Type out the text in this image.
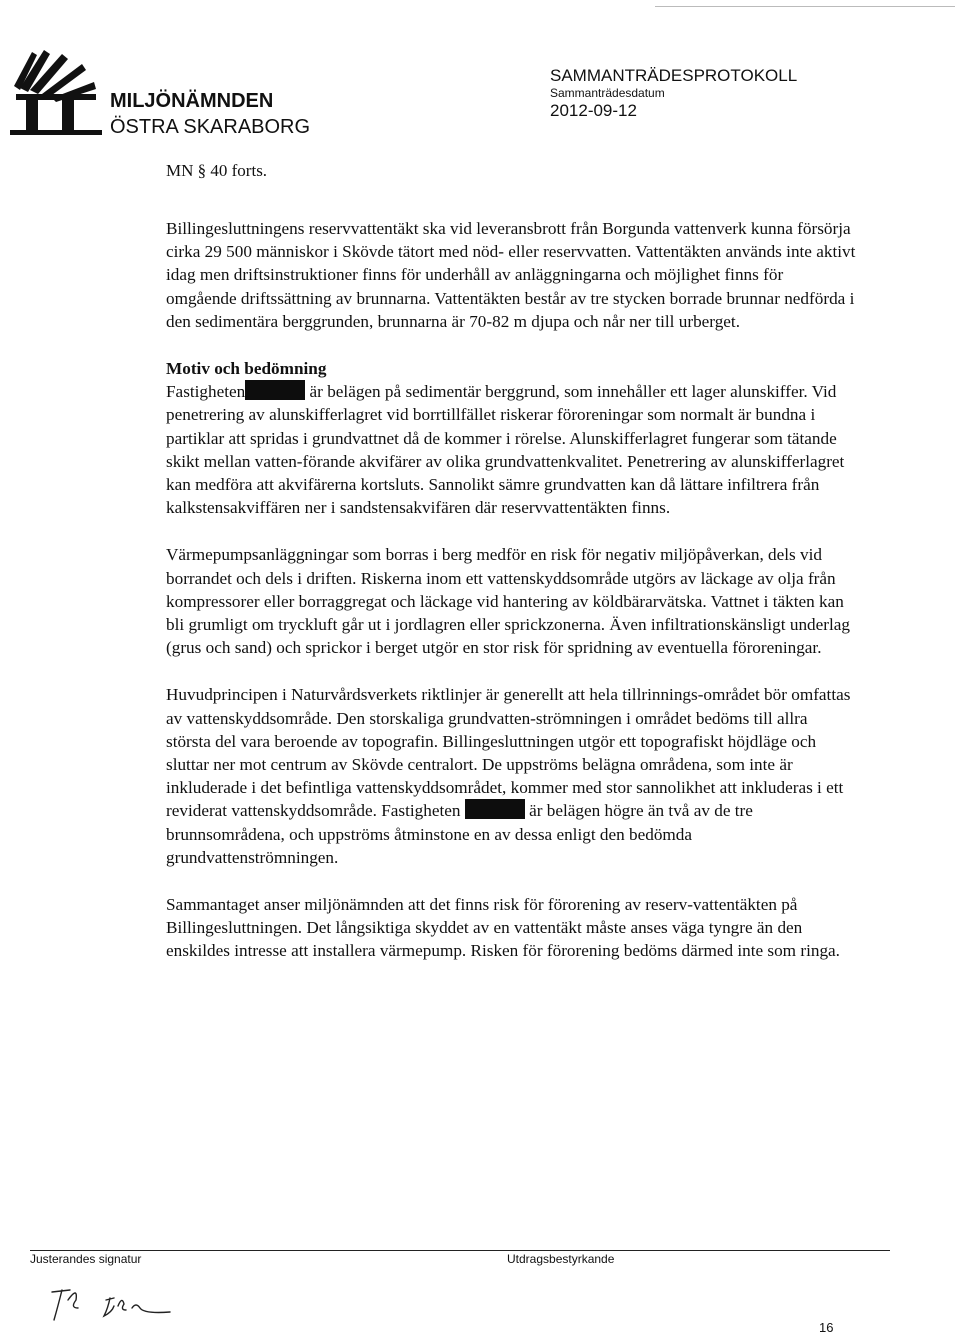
MILJÖNÄMNDEN
ÖSTRA SKARABORG
SAMMANTRÄDESPROTOKOLL
Sammanträdesdatum
2012-09-12
MN § 40 forts.

Billingesluttningens reservvattentäkt ska vid leveransbrott från Borgunda vattenverk kunna försörja cirka 29 500 människor i Skövde tätort med nöd- eller reservvatten. Vattentäkten används inte aktivt idag men driftsinstruktioner finns för underhåll av anläggningarna och möjlighet finns för omgående driftssättning av brunnarna. Vattentäkten består av tre stycken borrade brunnar nedförda i den sedimentära berggrunden, brunnarna är 70-82 m djupa och når ner till urberget.

Motiv och bedömning

Fastigheten	är belägen på sedimentär berggrund, som innehåller ett lager alunskiffer. Vid penetrering av alunskifferlagret vid borrtillfället riskerar föroreningar som normalt är bundna i partiklar att spridas i grundvattnet då de kommer i rörelse. Alunskifferlagret fungerar som tätande skikt mellan vatten-förande akvifärer av olika grundvattenkvalitet. Penetrering av alunskifferlagret kan medföra att akvifärerna kortsluts. Sannolikt sämre grundvatten kan då lättare infiltrera från kalkstensakviffären ner i sandstensakvifären där reservvattentäkten finns.

Värmepumpsanläggningar som borras i berg medför en risk för negativ miljöpåverkan, dels vid borrandet och dels i driften. Riskerna inom ett vattenskyddsområde utgörs av läckage av olja från kompressorer eller borraggregat och läckage vid hantering av köldbärarvätska. Vattnet i täkten kan bli grumligt om tryckluft går ut i jordlagren eller sprickzonerna. Även infiltrationskänsligt underlag (grus och sand) och sprickor i berget utgör en stor risk för spridning av eventuella föroreningar.

Huvudprincipen i Naturvårdsverkets riktlinjer är generellt att hela tillrinnings-området bör omfattas av vattenskyddsområde. Den storskaliga grundvatten-strömningen i området bedöms till allra största del vara beroende av topografin. Billingesluttningen utgör ett topografiskt höjdläge och sluttar ner mot centrum av Skövde centralort. De uppströms belägna områdena, som inte är inkluderade i det befintliga vattenskyddsområdet, kommer med stor sannolikhet att inkluderas i ett reviderat vattenskyddsområde. Fastigheten	är belägen högre än två av de tre brunnsområdena, och uppströms åtminstone en av dessa enligt den bedömda grundvattenströmningen.

Sammantaget anser miljönämnden att det finns risk för förorening av reserv-vattentäkten på Billingesluttningen. Det långsiktiga skyddet av en vattentäkt måste anses väga tyngre än den enskildes intresse att installera värmepump. Risken för förorening bedöms därmed inte som ringa.

Justerandes signatur	Utdragsbestyrkande
16
